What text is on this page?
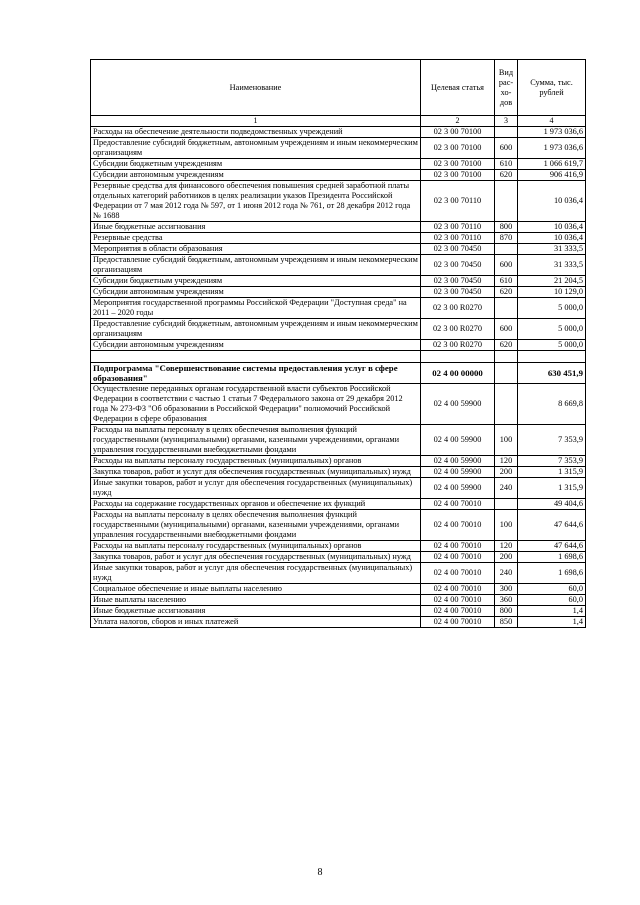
Наименование	Целевая статья	Вид рас-хо-дов	Сумма, тыс. рублей
1	2	3	4
Расходы на обеспечение деятельности подведомственных учреждений	02 3 00 70100		1 973 036,6
Предоставление субсидий бюджетным, автономным учреждениям и иным некоммерческим организациям	02 3 00 70100	600	1 973 036,6
Субсидии бюджетным учреждениям	02 3 00 70100	610	1 066 619,7
Субсидии автономным учреждениям	02 3 00 70100	620	906 416,9
Резервные средства для финансового обеспечения повышения средней заработной платы отдельных категорий работников в целях реализации указов Президента Российской Федерации от 7 мая 2012 года № 597, от 1 июня 2012 года № 761, от 28 декабря 2012 года № 1688	02 3 00 70110		10 036,4
Иные бюджетные ассигнования	02 3 00 70110	800	10 036,4
Резервные средства	02 3 00 70110	870	10 036,4
Мероприятия в области образования	02 3 00 70450		31 333,5
Предоставление субсидий бюджетным, автономным учреждениям и иным некоммерческим организациям	02 3 00 70450	600	31 333,5
Субсидии бюджетным учреждениям	02 3 00 70450	610	21 204,5
Субсидии автономным учреждениям	02 3 00 70450	620	10 129,0
Мероприятия государственной программы Российской Федерации "Доступная среда" на 2011 – 2020 годы	02 3 00 R0270		5 000,0
Предоставление субсидий бюджетным, автономным учреждениям и иным некоммерческим организациям	02 3 00 R0270	600	5 000,0
Субсидии автономным учреждениям	02 3 00 R0270	620	5 000,0

Подпрограмма "Совершенствование системы предоставления услуг в сфере образования"	02 4 00 00000		630 451,9
Осуществление переданных органам государственной власти субъектов Российской Федерации в соответствии с частью 1 статьи 7 Федерального закона от 29 декабря 2012 года № 273-ФЗ "Об образовании в Российской Федерации" полномочий Российской Федерации в сфере образования	02 4 00 59900		8 669,8
Расходы на выплаты персоналу в целях обеспечения выполнения функций государственными (муниципальными) органами, казенными учреждениями, органами управления государственными внебюджетными фондами	02 4 00 59900	100	7 353,9
Расходы на выплаты персоналу государственных (муниципальных) органов	02 4 00 59900	120	7 353,9
Закупка товаров, работ и услуг для обеспечения государственных (муниципальных) нужд	02 4 00 59900	200	1 315,9
Иные закупки товаров, работ и услуг для обеспечения государственных (муниципальных) нужд	02 4 00 59900	240	1 315,9
Расходы на содержание государственных органов и обеспечение их функций	02 4 00 70010		49 404,6
Расходы на выплаты персоналу в целях обеспечения выполнения функций государственными (муниципальными) органами, казенными учреждениями, органами управления государственными внебюджетными фондами	02 4 00 70010	100	47 644,6
Расходы на выплаты персоналу государственных (муниципальных) органов	02 4 00 70010	120	47 644,6
Закупка товаров, работ и услуг для обеспечения государственных (муниципальных) нужд	02 4 00 70010	200	1 698,6
Иные закупки товаров, работ и услуг для обеспечения государственных (муниципальных) нужд	02 4 00 70010	240	1 698,6
Социальное обеспечение и иные выплаты населению	02 4 00 70010	300	60,0
Иные выплаты населению	02 4 00 70010	360	60,0
Иные бюджетные ассигнования	02 4 00 70010	800	1,4
Уплата налогов, сборов и иных платежей	02 4 00 70010	850	1,4
8
